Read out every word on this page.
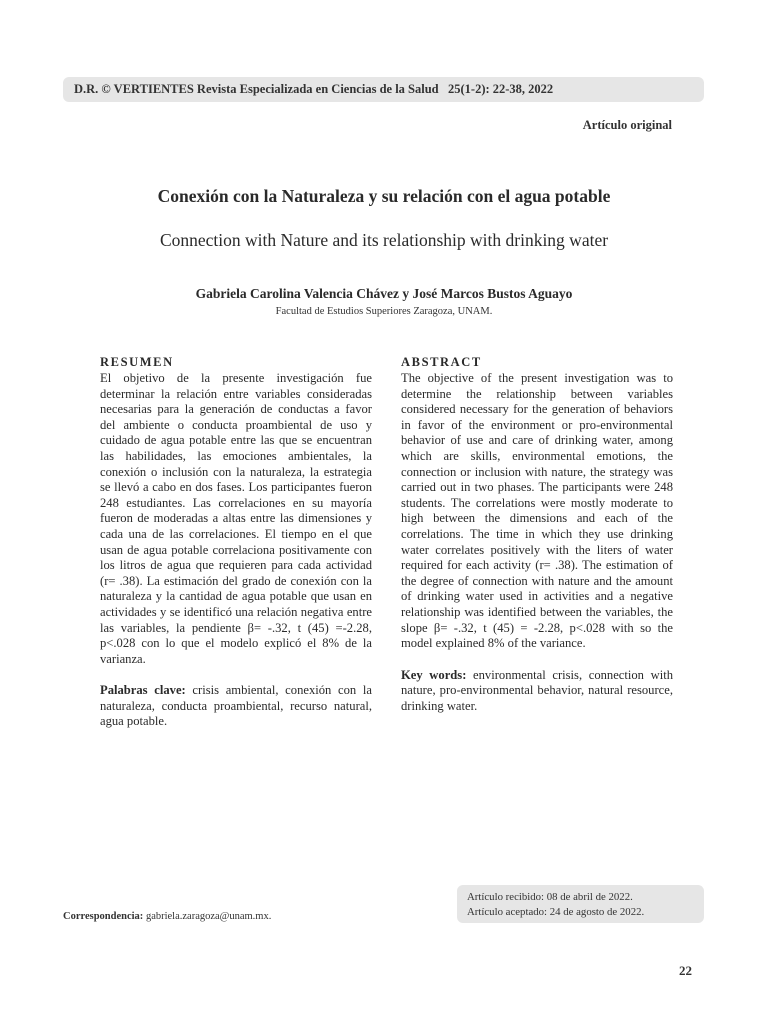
D.R. © VERTIENTES Revista Especializada en Ciencias de la Salud   25(1-2): 22-38, 2022
Artículo original
Conexión con la Naturaleza y su relación con el agua potable
Connection with Nature and its relationship with drinking water
Gabriela Carolina Valencia Chávez y José Marcos Bustos Aguayo
Facultad de Estudios Superiores Zaragoza, UNAM.
RESUMEN

El objetivo de la presente investigación fue determinar la relación entre variables consideradas necesarias para la generación de conductas a favor del ambiente o conducta proambiental de uso y cuidado de agua potable entre las que se encuentran las habilidades, las emociones ambientales, la conexión o inclusión con la naturaleza, la estrategia se llevó a cabo en dos fases. Los participantes fueron 248 estudiantes. Las correlaciones en su mayoría fueron de moderadas a altas entre las dimensiones y cada una de las correlaciones. El tiempo en el que usan de agua potable correlaciona positivamente con los litros de agua que requieren para cada actividad (r= .38). La estimación del grado de conexión con la naturaleza y la cantidad de agua potable que usan en actividades y se identificó una relación negativa entre las variables, la pendiente β= -.32, t (45) =-2.28, p<.028 con lo que el modelo explicó el 8% de la varianza.

Palabras clave: crisis ambiental, conexión con la naturaleza, conducta proambiental, recurso natural, agua potable.

ABSTRACT

The objective of the present investigation was to determine the relationship between variables considered necessary for the generation of behaviors in favor of the environment or pro-environmental behavior of use and care of drinking water, among which are skills, environmental emotions, the connection or inclusion with nature, the strategy was carried out in two phases. The participants were 248 students. The correlations were mostly moderate to high between the dimensions and each of the correlations. The time in which they use drinking water correlates positively with the liters of water required for each activity (r= .38). The estimation of the degree of connection with nature and the amount of drinking water used in activities and a negative relationship was identified between the variables, the slope β= -.32, t (45) = -2.28, p<.028 with so the model explained 8% of the variance.

Key words: environmental crisis, connection with nature, pro-environmental behavior, natural resource, drinking water.

Artículo recibido: 08 de abril de 2022.
Artículo aceptado: 24 de agosto de 2022.
Correspondencia: gabriela.zaragoza@unam.mx.
22
